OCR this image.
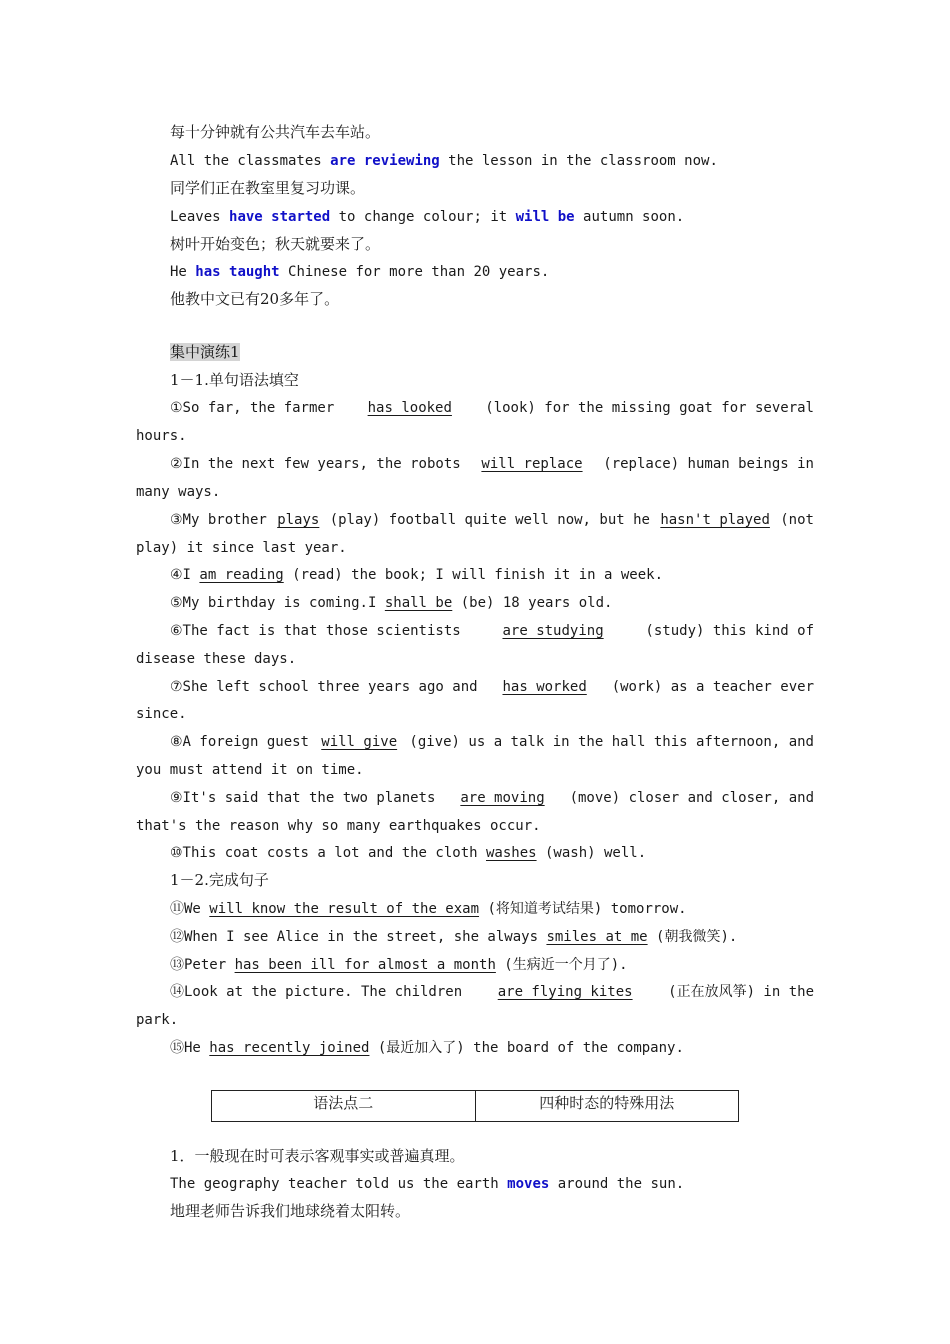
每十分钟就有公共汽车去车站。
All the classmates are reviewing the lesson in the classroom now.
同学们正在教室里复习功课。
Leaves have started to change colour; it will be autumn soon.
树叶开始变色；秋天就要来了。
He has taught Chinese for more than 20 years.
他教中文已有20多年了。
集中演练1
1－1.单句语法填空
①So far, the farmer has looked (look) for the missing goat for several
hours.
②In the next few years, the robots will replace (replace) human beings in
many ways.
③My brother plays (play) football quite well now, but he hasn't played (not
play) it since last year.
④I am reading (read) the book; I will finish it in a week.
⑤My birthday is coming.I shall be (be) 18 years old.
⑥The fact is that those scientists	are studying	(study) this kind of
disease these days.
⑦She left school three years ago and has worked (work) as a teacher ever
since.
⑧A foreign guest will give (give) us a talk in the hall this afternoon, and
you must attend it on time.
⑨It's said that the two planets are moving (move) closer and closer, and
that's the reason why so many earthquakes occur.
⑩This coat costs a lot and the cloth washes (wash) well.
1－2.完成句子
⑪We will know the result of the exam (将知道考试结果) tomorrow.
⑫When I see Alice in the street, she always smiles at me (朝我微笑).
⑬Peter has been ill for almost a month (生病近一个月了).
⑭Look at the picture. The children	are flying kites	(正在放风筝) in the
park.
⑮He has recently joined (最近加入了) the board of the company.
语法点二	四种时态的特殊用法
1．一般现在时可表示客观事实或普遍真理。
The geography teacher told us the earth moves around the sun.
地理老师告诉我们地球绕着太阳转。
